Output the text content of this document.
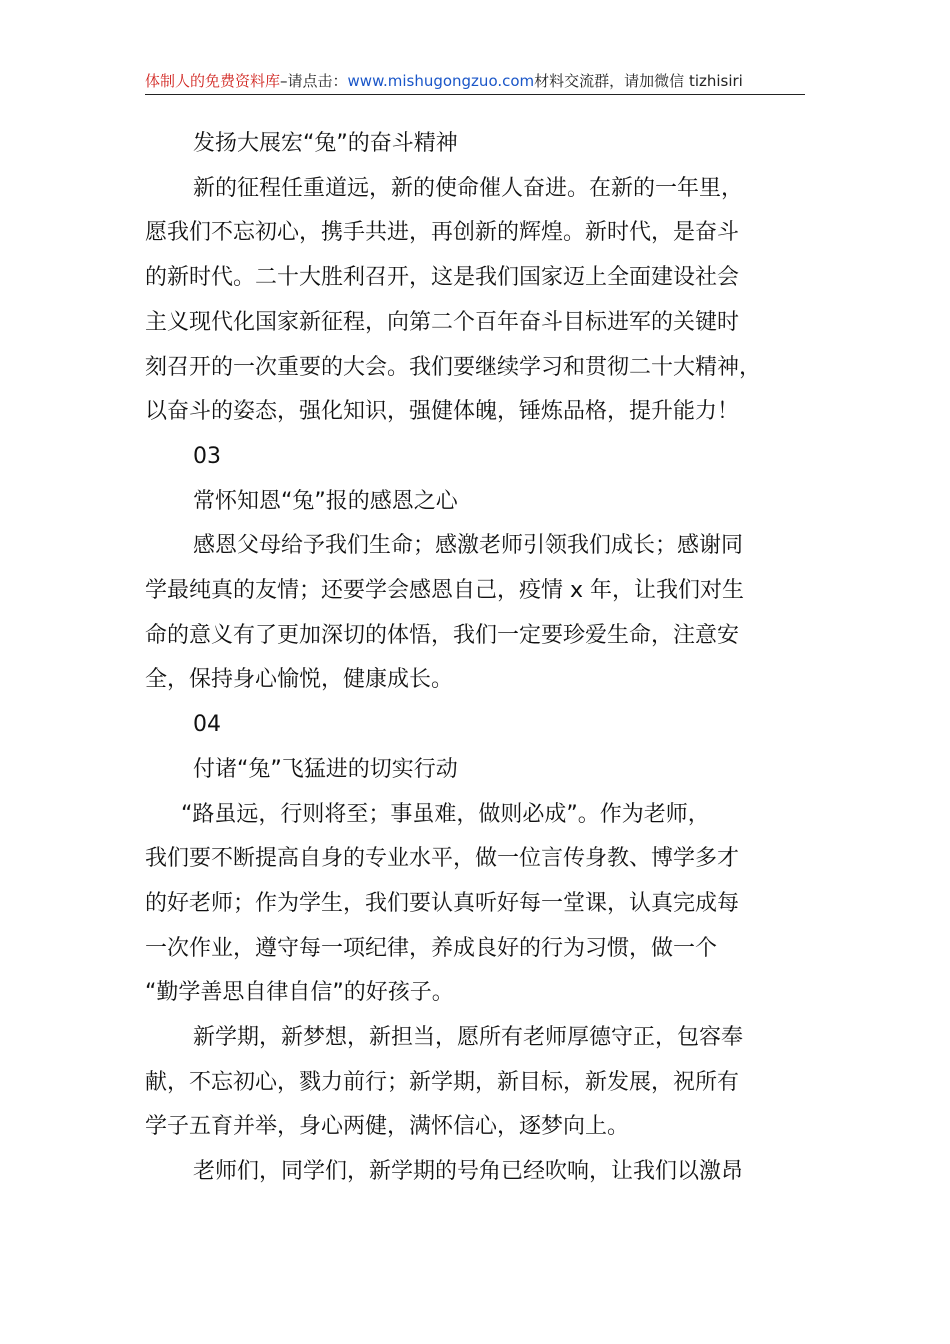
体制人的免费资料库–请点击：www.mishugongzuo.com材料交流群，请加微信 tizhisiri

发扬大展宏“兔”的奋斗精神

新的征程任重道远，新的使命催人奋进。在新的一年里，

愿我们不忘初心，携手共进，再创新的辉煌。新时代，是奋斗

的新时代。二十大胜利召开，这是我们国家迈上全面建设社会

主义现代化国家新征程，向第二个百年奋斗目标进军的关键时

刻召开的一次重要的大会。我们要继续学习和贯彻二十大精神，

以奋斗的姿态，强化知识，强健体魄，锤炼品格，提升能力！

03

常怀知恩“兔”报的感恩之心

感恩父母给予我们生命；感激老师引领我们成长；感谢同

学最纯真的友情；还要学会感恩自己，疫情 x 年，让我们对生

命的意义有了更加深切的体悟，我们一定要珍爱生命，注意安

全，保持身心愉悦，健康成长。

04

付诸“兔”飞猛进的切实行动

“路虽远，行则将至；事虽难，做则必成”。作为老师，

我们要不断提高自身的专业水平，做一位言传身教、博学多才

的好老师；作为学生，我们要认真听好每一堂课，认真完成每

一次作业，遵守每一项纪律，养成良好的行为习惯，做一个

“勤学善思自律自信”的好孩子。

新学期，新梦想，新担当，愿所有老师厚德守正，包容奉

献，不忘初心，戮力前行；新学期，新目标，新发展，祝所有

学子五育并举，身心两健，满怀信心，逐梦向上。

老师们，同学们，新学期的号角已经吹响，让我们以激昂
